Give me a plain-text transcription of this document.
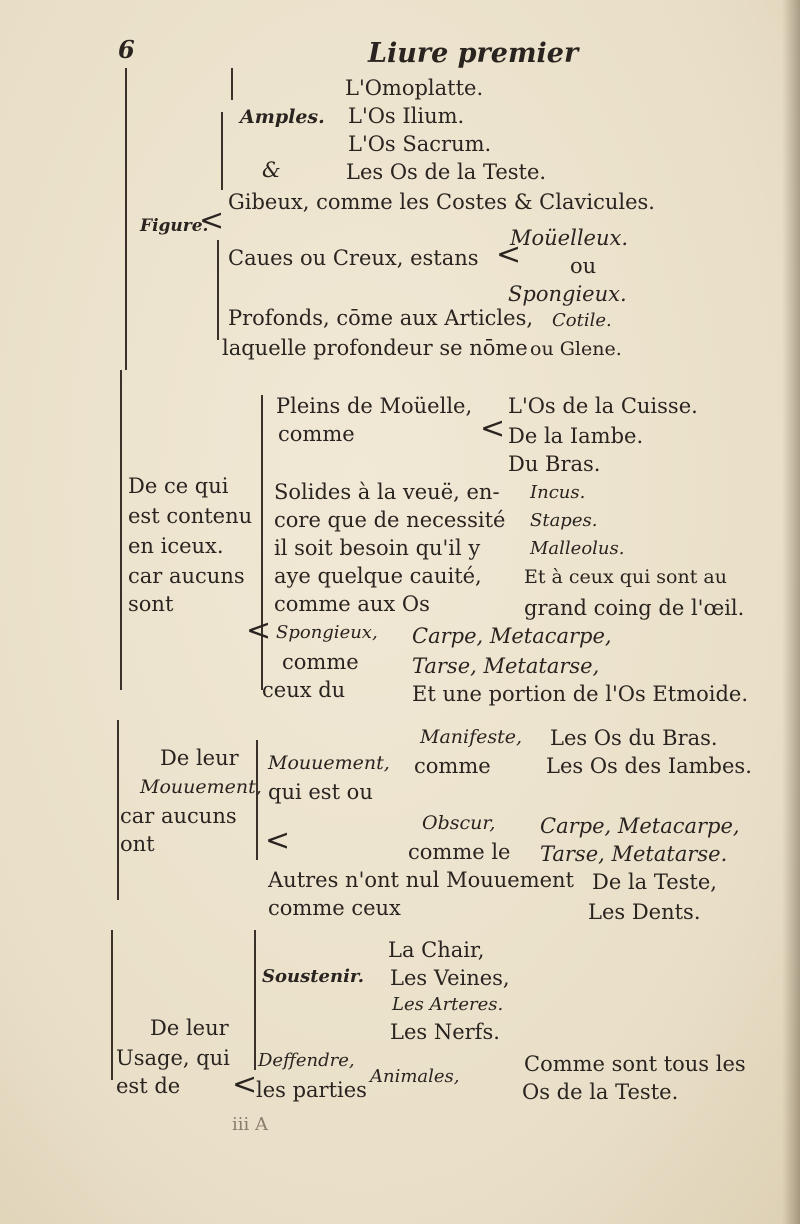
6	Liure premier
Figure.
<
Amples.
L'Omoplatte.
L'Os Ilium.
L'Os Sacrum.
&	Les Os de la Teste.
Gibeux, comme les Costes & Clavicules.
Moüelleux.
Caues ou Creux, estans < ou
Spongieux.
Profonds, cōme aux Articles, Cotile.
laquelle profondeur se nōme ou Glene.
De ce qui
est contenu
en iceux.
car aucuns
sont
Pleins de Moüelle,
comme	<
L'Os de la Cuisse.
De la Iambe.
Du Bras.
Solides à la veuë, en-
core que de necessité
il soit besoin qu'il y
aye quelque cauité,
comme aux Os
Incus.
Stapes.
Malleolus.
Et à ceux qui sont au
grand coing de l'œil.
< Spongieux,
comme
ceux du
Carpe, Metacarpe,
Tarse, Metatarse,
Et une portion de l'Os Etmoide.
De leur
Mouuement,
car aucuns
ont	<
Mouuement,
qui est ou
Manifeste,
comme
Les Os du Bras.
Les Os des Iambes.
Obscur,
comme le
Carpe, Metacarpe,
Tarse, Metatarse.
Autres n'ont nul Mouuement
comme ceux
De la Teste,
Les Dents.
De leur
Usage, qui
est de
Soustenir.
La Chair,
Les Veines,
Les Arteres.
Les Nerfs.
Deffendre,
<
les parties
Animales,
Comme sont tous les
Os de la Teste.
iii A
